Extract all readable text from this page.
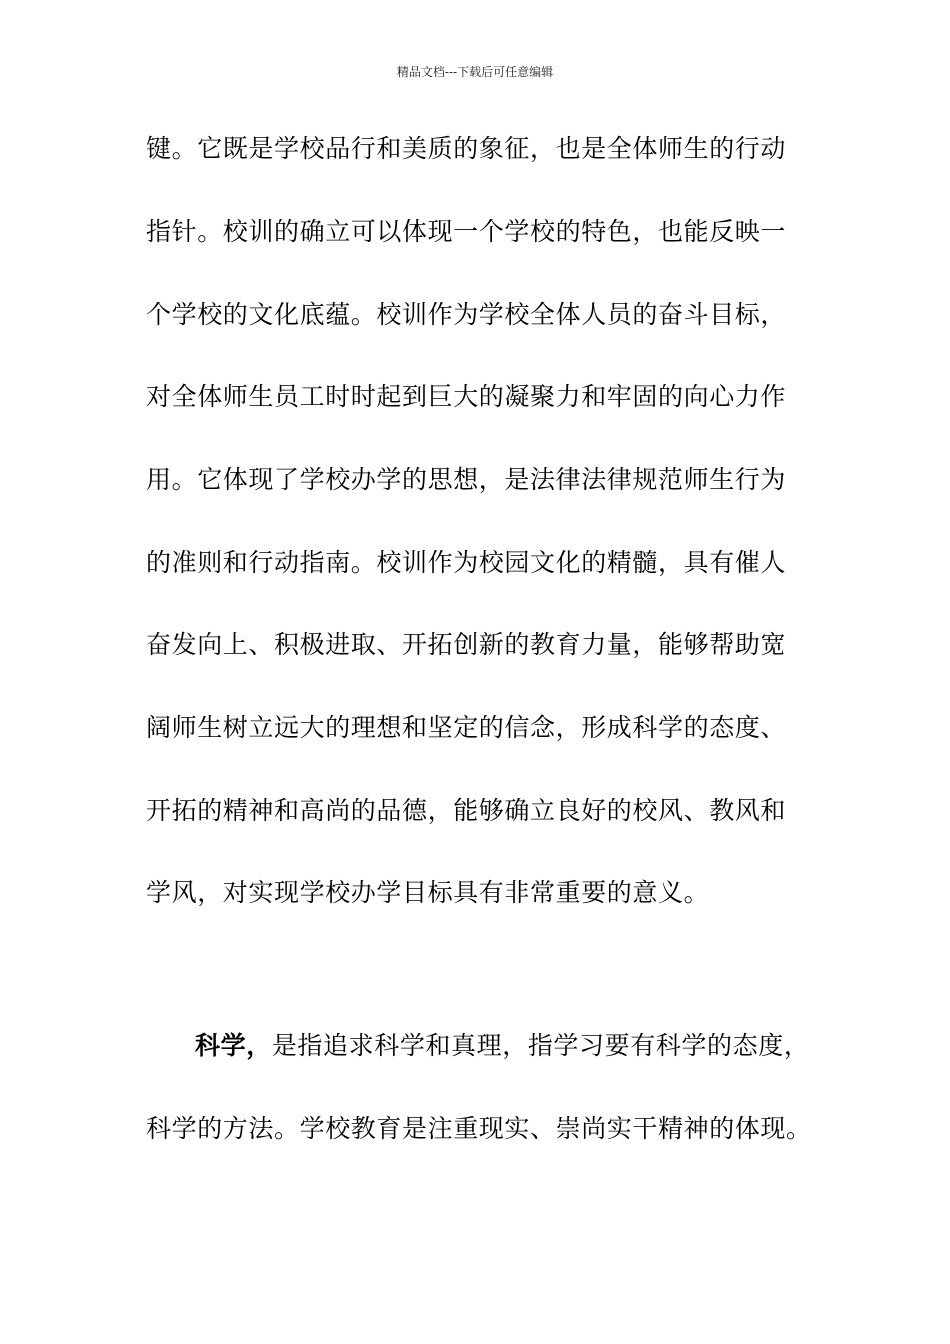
精品文档---下载后可任意编辑
键。它既是学校品行和美质的象征，也是全体师生的行动
指针。校训的确立可以体现一个学校的特色，也能反映一
个学校的文化底蕴。校训作为学校全体人员的奋斗目标，
对全体师生员工时时起到巨大的凝聚力和牢固的向心力作
用。它体现了学校办学的思想，是法律法律规范师生行为
的准则和行动指南。校训作为校园文化的精髓，具有催人
奋发向上、积极进取、开拓创新的教育力量，能够帮助宽
阔师生树立远大的理想和坚定的信念，形成科学的态度、
开拓的精神和高尚的品德，能够确立良好的校风、教风和
学风，对实现学校办学目标具有非常重要的意义。
科学，是指追求科学和真理，指学习要有科学的态度，
科学的方法。学校教育是注重现实、崇尚实干精神的体现。
